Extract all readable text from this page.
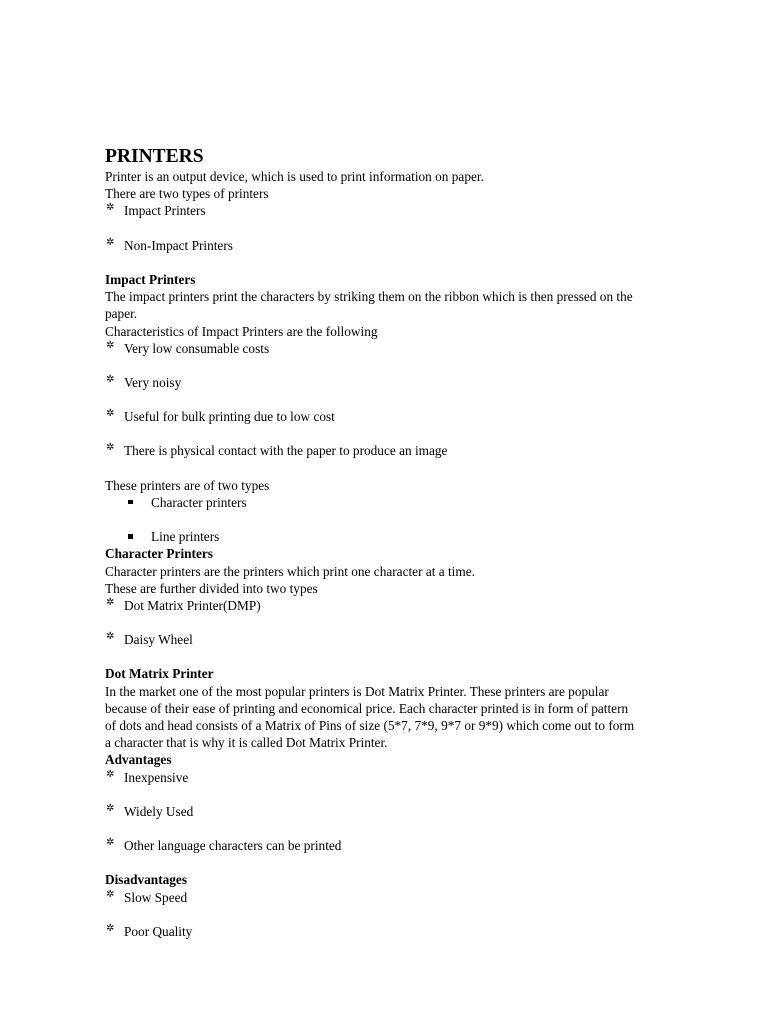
PRINTERS

Printer is an output device, which is used to print information on paper.

There are two types of printers

✲ Impact Printers
✲ Non-Impact Printers
Impact Printers

The impact printers print the characters by striking them on the ribbon which is then pressed on the

paper.

Characteristics of Impact Printers are the following

✲ Very low consumable costs
✲ Very noisy
✲ Useful for bulk printing due to low cost
✲ There is physical contact with the paper to produce an image

These printers are of two types

Character printers
Line printers
Character Printers

Character printers are the printers which print one character at a time.

These are further divided into two types

✲ Dot Matrix Printer(DMP)
✲ Daisy Wheel
Dot Matrix Printer

In the market one of the most popular printers is Dot Matrix Printer. These printers are popular

because of their ease of printing and economical price. Each character printed is in form of pattern

of dots and head consists of a Matrix of Pins of size (5*7, 7*9, 9*7 or 9*9) which come out to form

a character that is why it is called Dot Matrix Printer.

Advantages
✲ Inexpensive
✲ Widely Used
✲ Other language characters can be printed
Disadvantages
✲ Slow Speed
✲ Poor Quality
